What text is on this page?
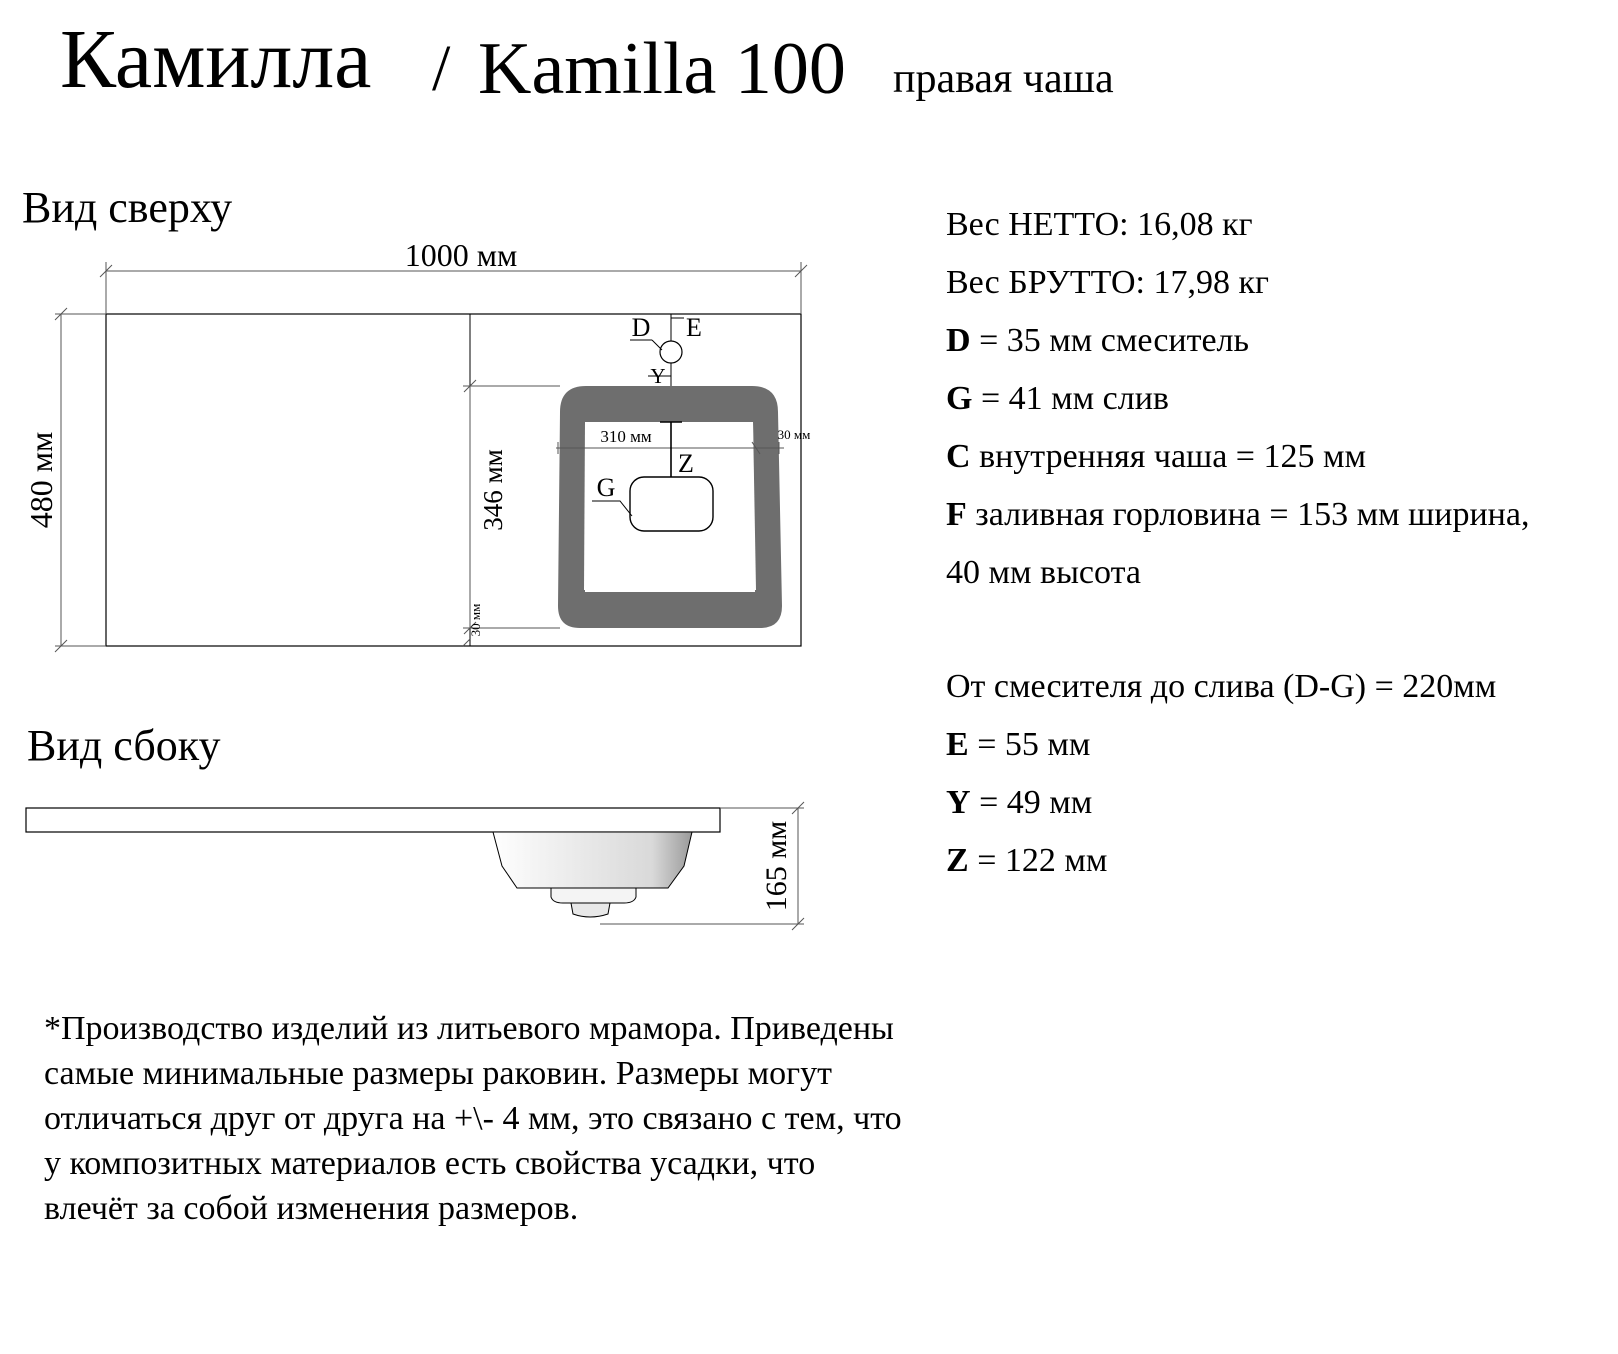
Камилла / Kamilla 100 правая чаша
Вид сверху
Вид сбоку
1000 мм
480 мм	346 мм
30 мм
310 мм	30 мм
Z
G
D E
Y
165 мм
Вес НЕТТО: 16,08 кг
Вес БРУТТО: 17,98 кг
D = 35 мм смеситель
G = 41 мм слив
C внутренняя чаша = 125 мм
F заливная горловина = 153 мм ширина,
40 мм высота
От смесителя до слива (D-G) = 220мм
E = 55 мм
Y = 49 мм
Z = 122 мм
*Производство изделий из литьевого мрамора. Приведены
самые минимальные размеры раковин. Размеры могут
отличаться друг от друга на +\- 4 мм, это связано с тем, что
у композитных материалов есть свойства усадки, что
влечёт за собой изменения размеров.
